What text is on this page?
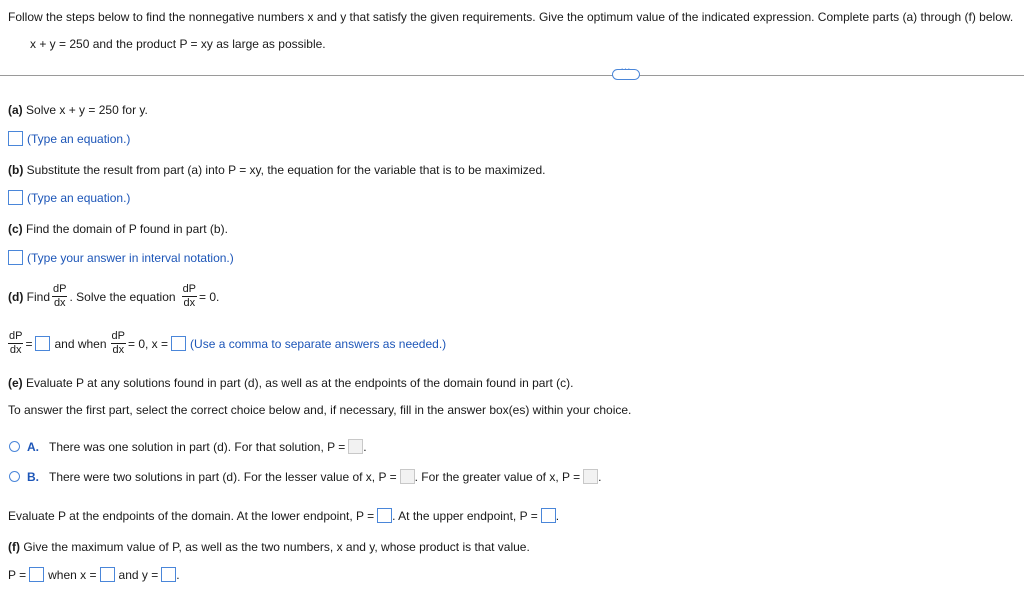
Follow the steps below to find the nonnegative numbers x and y that satisfy the given requirements. Give the optimum value of the indicated expression. Complete parts (a) through (f) below.
x + y = 250 and the product P = xy as large as possible.
⋯
(a) Solve x + y = 250 for y.
(Type an equation.)
(b) Substitute the result from part (a) into P = xy, the equation for the variable that is to be maximized.
(Type an equation.)
(c) Find the domain of P found in part (b).
(Type your answer in interval notation.)
(d)
Find $\frac{dP}{dx}$ . Solve the equation $\frac{dP}{dx} = 0$.
$\frac{dP}{dx}$ = and when $\frac{dP}{dx} = 0$, x = (Use a comma to separate answers as needed.)
(e) Evaluate P at any solutions found in part (d), as well as at the endpoints of the domain found in part (c).
To answer the first part, select the correct choice below and, if necessary, fill in the answer box(es) within your choice.
A. There was one solution in part (d). For that solution, P = .
B. There were two solutions in part (d). For the lesser value of x, P = . For the greater value of x, P = .
Evaluate P at the endpoints of the domain. At the lower endpoint, P = . At the upper endpoint, P = .
(f) Give the maximum value of P, as well as the two numbers, x and y, whose product is that value.
P = when x = and y = .
